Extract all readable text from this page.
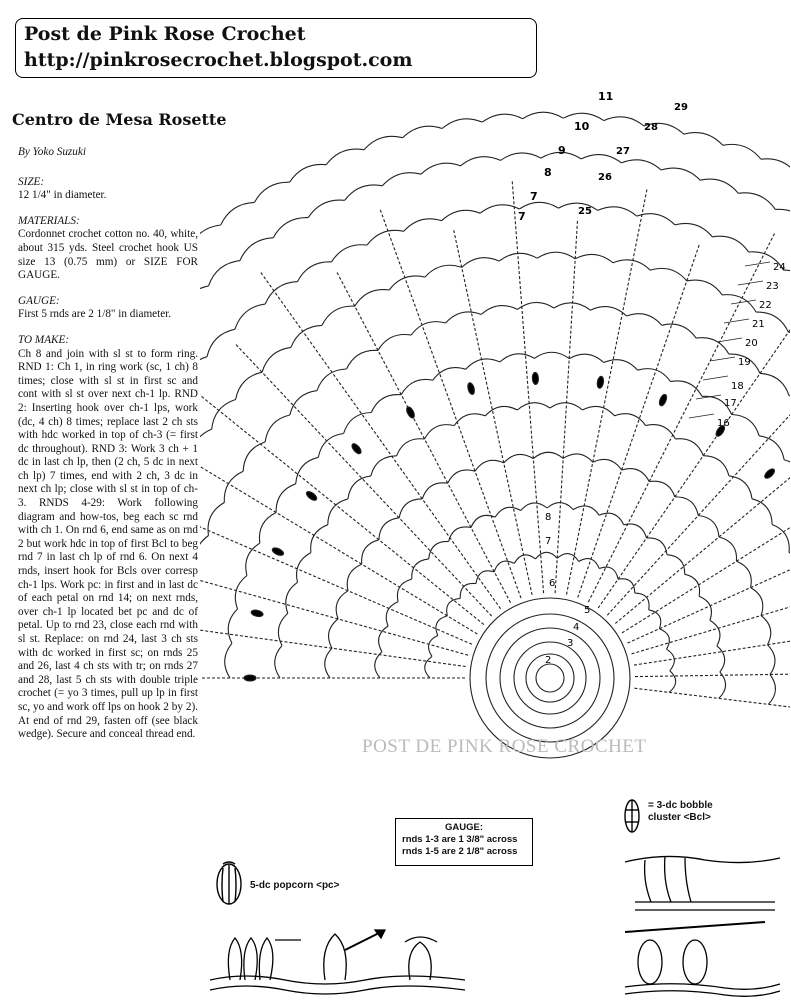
Post de Pink Rose Crochet
http://pinkrosecrochet.blogspot.com
Centro de Mesa Rosette
By Yoko Suzuki
SIZE:
12 1/4" in diameter.
MATERIALS:
Cordonnet crochet cotton no. 40, white, about 315 yds. Steel crochet hook US size 13 (0.75 mm) or SIZE FOR GAUGE.
GAUGE:
First 5 rnds are 2 1/8" in diameter.
TO MAKE:
Ch 8 and join with sl st to form ring. RND 1: Ch 1, in ring work (sc, 1 ch) 8 times; close with sl st in first sc and cont with sl st over next ch-1 lp. RND 2: Inserting hook over ch-1 lps, work (dc, 4 ch) 8 times; replace last 2 ch sts with hdc worked in top of ch-3 (= first dc throughout). RND 3: Work 3 ch + 1 dc in last ch lp, then (2 ch, 5 dc in next ch lp) 7 times, end with 2 ch, 3 dc in next ch lp; close with sl st in top of ch-3. RNDS 4-29: Work following diagram and how-tos, beg each sc rnd with ch 1. On rnd 6, end same as on rnd 2 but work hdc in top of first Bcl to beg rnd 7 in last ch lp of rnd 6. On next 4 rnds, insert hook for Bcls over corresp ch-1 lps. Work pc: in first and in last dc of each petal on rnd 14; on next rnds, over ch-1 lp located bet pc and dc of petal. Up to rnd 23, close each rnd with sl st. Replace: on rnd 24, last 3 ch sts with dc worked in first sc; on rnds 25 and 26, last 4 ch sts with tr; on rnds 27 and 28, last 5 ch sts with double triple crochet (= yo 3 times, pull up lp in first sc, yo and work off lps on hook 2 by 2). At end of rnd 29, fasten off (see black wedge). Secure and conceal thread end.
11
10
9
8
7
7
29
28
27
26
25
24
23
22
21
20
19
18
17
16
8
7
6
5
4
3
2
POST DE PINK ROSE CROCHET
GAUGE:
rnds 1-3 are 1 3/8" across
rnds 1-5 are 2 1/8" across
= 3-dc bobble
cluster <Bcl>
5-dc popcorn <pc>
